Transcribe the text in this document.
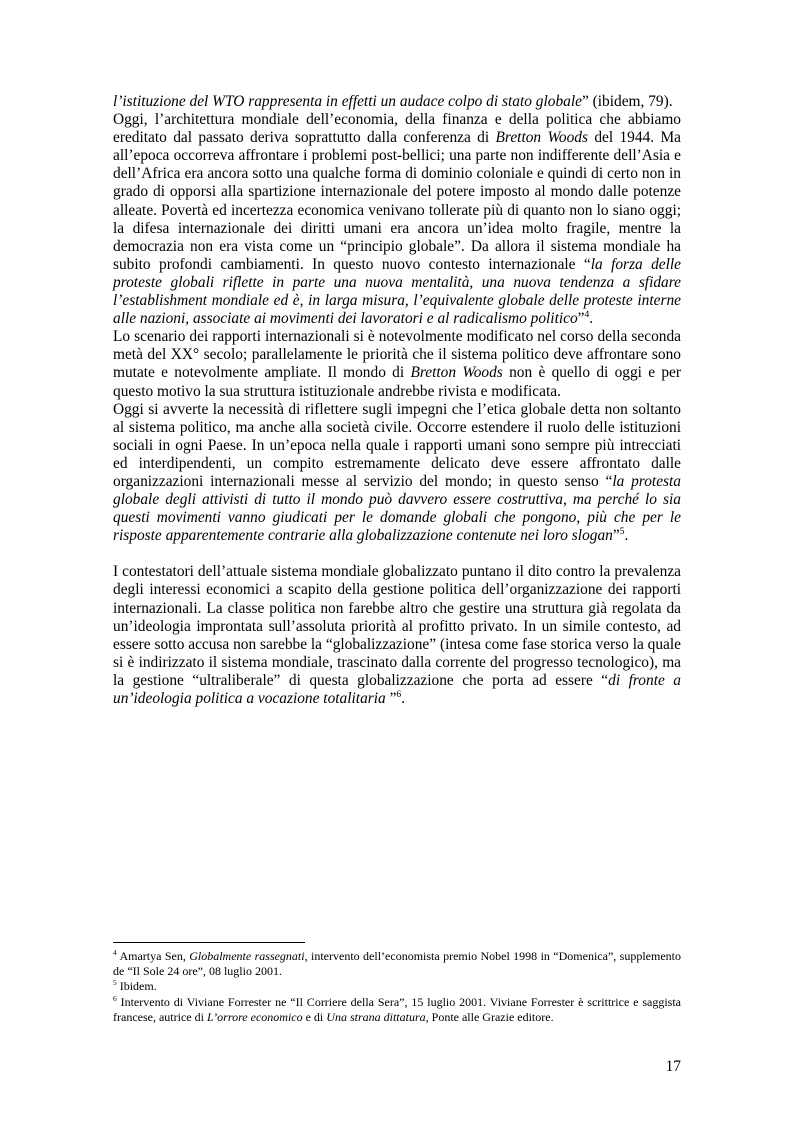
l’istituzione del WTO rappresenta in effetti un audace colpo di stato globale” (ibidem, 79).

Oggi, l’architettura mondiale dell’economia, della finanza e della politica che abbiamo ereditato dal passato deriva soprattutto dalla conferenza di Bretton Woods del 1944. Ma all’epoca occorreva affrontare i problemi post-bellici; una parte non indifferente dell’Asia e dell’Africa era ancora sotto una qualche forma di dominio coloniale e quindi di certo non in grado di opporsi alla spartizione internazionale del potere imposto al mondo dalle potenze alleate. Povertà ed incertezza economica venivano tollerate più di quanto non lo siano oggi; la difesa internazionale dei diritti umani era ancora un’idea molto fragile, mentre la democrazia non era vista come un “principio globale”. Da allora il sistema mondiale ha subito profondi cambiamenti. In questo nuovo contesto internazionale “la forza delle proteste globali riflette in parte una nuova mentalità, una nuova tendenza a sfidare l’establishment mondiale ed è, in larga misura, l’equivalente globale delle proteste interne alle nazioni, associate ai movimenti dei lavoratori e al radicalismo politico”$^4$.

Lo scenario dei rapporti internazionali si è notevolmente modificato nel corso della seconda metà del XX° secolo; parallelamente le priorità che il sistema politico deve affrontare sono mutate e notevolmente ampliate. Il mondo di Bretton Woods non è quello di oggi e per questo motivo la sua struttura istituzionale andrebbe rivista e modificata.

Oggi si avverte la necessità di riflettere sugli impegni che l’etica globale detta non soltanto al sistema politico, ma anche alla società civile. Occorre estendere il ruolo delle istituzioni sociali in ogni Paese. In un’epoca nella quale i rapporti umani sono sempre più intrecciati ed interdipendenti, un compito estremamente delicato deve essere affrontato dalle organizzazioni internazionali messe al servizio del mondo; in questo senso “la protesta globale degli attivisti di tutto il mondo può davvero essere costruttiva, ma perché lo sia questi movimenti vanno giudicati per le domande globali che pongono, più che per le risposte apparentemente contrarie alla globalizzazione contenute nei loro slogan”$^5$.

I contestatori dell’attuale sistema mondiale globalizzato puntano il dito contro la prevalenza degli interessi economici a scapito della gestione politica dell’organizzazione dei rapporti internazionali. La classe politica non farebbe altro che gestire una struttura già regolata da un’ideologia improntata sull’assoluta priorità al profitto privato. In un simile contesto, ad essere sotto accusa non sarebbe la “globalizzazione” (intesa come fase storica verso la quale si è indirizzato il sistema mondiale, trascinato dalla corrente del progresso tecnologico), ma la gestione “ultraliberale” di questa globalizzazione che porta ad essere “di fronte a un’ideologia politica a vocazione totalitaria ”$^6$.

$^4$ Amartya Sen, Globalmente rassegnati, intervento dell’economista premio Nobel 1998 in “Domenica”, supplemento de “Il Sole 24 ore”, 08 luglio 2001.

$^5$ Ibidem.

$^6$ Intervento di Viviane Forrester ne “Il Corriere della Sera”, 15 luglio 2001. Viviane Forrester è scrittrice e saggista francese, autrice di L’orrore economico e di Una strana dittatura, Ponte alle Grazie editore.

17
